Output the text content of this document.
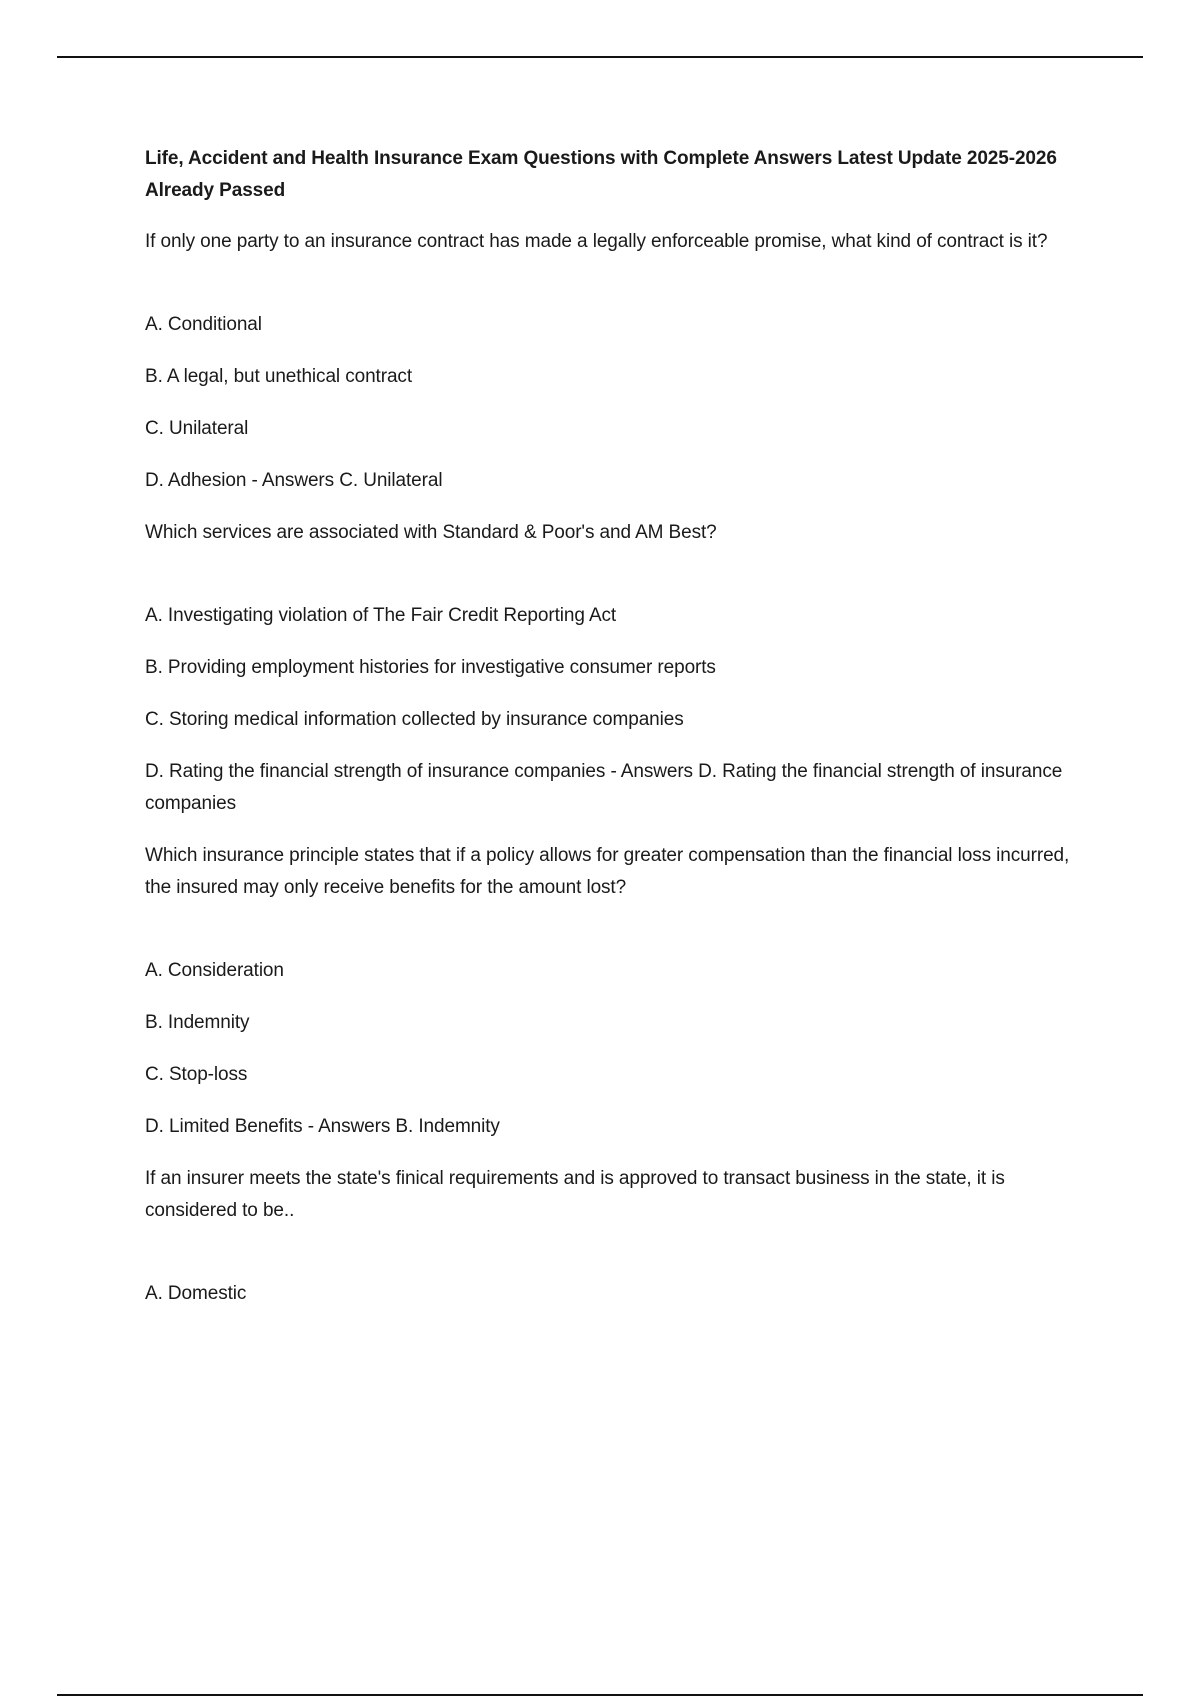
Life, Accident and Health Insurance Exam Questions with Complete Answers Latest Update 2025-2026 Already Passed

If only one party to an insurance contract has made a legally enforceable promise, what kind of contract is it?

A. Conditional

B. A legal, but unethical contract

C. Unilateral

D. Adhesion - Answers C. Unilateral

Which services are associated with Standard & Poor's and AM Best?

A. Investigating violation of The Fair Credit Reporting Act

B. Providing employment histories for investigative consumer reports

C. Storing medical information collected by insurance companies

D. Rating the financial strength of insurance companies - Answers D. Rating the financial strength of insurance companies

Which insurance principle states that if a policy allows for greater compensation than the financial loss incurred, the insured may only receive benefits for the amount lost?

A. Consideration

B. Indemnity

C. Stop-loss

D. Limited Benefits - Answers B. Indemnity

If an insurer meets the state's finical requirements and is approved to transact business in the state, it is considered to be..

A. Domestic
